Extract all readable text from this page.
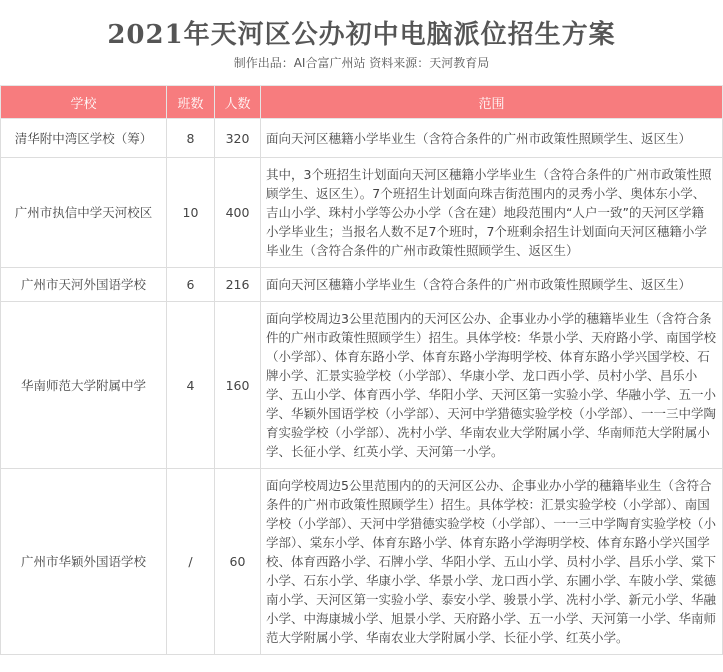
2021年天河区公办初中电脑派位招生方案
制作出品：AI合富广州站 资料来源：天河教育局
学校	班数	人数	范围
清华附中湾区学校（筹）	8	320	面向天河区穗籍小学毕业生（含符合条件的广州市政策性照顾学生、返区生）
广州市执信中学天河校区	10	400	其中，3个班招生计划面向天河区穗籍小学毕业生（含符合条件的广州市政策性照顾学生、返区生）。7个班招生计划面向珠吉街范围内的灵秀小学、奥体东小学、吉山小学、珠村小学等公办小学（含在建）地段范围内“人户一致”的天河区学籍小学毕业生；当报名人数不足7个班时，7个班剩余招生计划面向天河区穗籍小学毕业生（含符合条件的广州市政策性照顾学生、返区生）
广州市天河外国语学校	6	216	面向天河区穗籍小学毕业生（含符合条件的广州市政策性照顾学生、返区生）
华南师范大学附属中学	4	160	面向学校周边3公里范围内的天河区公办、企事业办小学的穗籍毕业生（含符合条件的广州市政策性照顾学生）招生。具体学校：华景小学、天府路小学、南国学校（小学部）、体育东路小学、体育东路小学海明学校、体育东路小学兴国学校、石牌小学、汇景实验学校（小学部）、华康小学、龙口西小学、员村小学、昌乐小学、五山小学、体育西小学、华阳小学、天河区第一实验小学、华融小学、五一小学、华颖外国语学校（小学部）、天河中学猎德实验学校（小学部）、一一三中学陶育实验学校（小学部）、冼村小学、华南农业大学附属小学、华南师范大学附属小学、长征小学、红英小学、天河第一小学。
广州市华颖外国语学校	/	60	面向学校周边5公里范围内的的天河区公办、企事业办小学的穗籍毕业生（含符合条件的广州市政策性照顾学生）招生。具体学校：汇景实验学校（小学部）、南国学校（小学部）、天河中学猎德实验学校（小学部）、一一三中学陶育实验学校（小学部）、棠东小学、体育东路小学、体育东路小学海明学校、体育东路小学兴国学校、体育西路小学、石牌小学、华阳小学、五山小学、员村小学、昌乐小学、棠下小学、石东小学、华康小学、华景小学、龙口西小学、东圃小学、车陂小学、棠德南小学、天河区第一实验小学、泰安小学、骏景小学、冼村小学、新元小学、华融小学、中海康城小学、旭景小学、天府路小学、五一小学、天河第一小学、华南师范大学附属小学、华南农业大学附属小学、长征小学、红英小学。
